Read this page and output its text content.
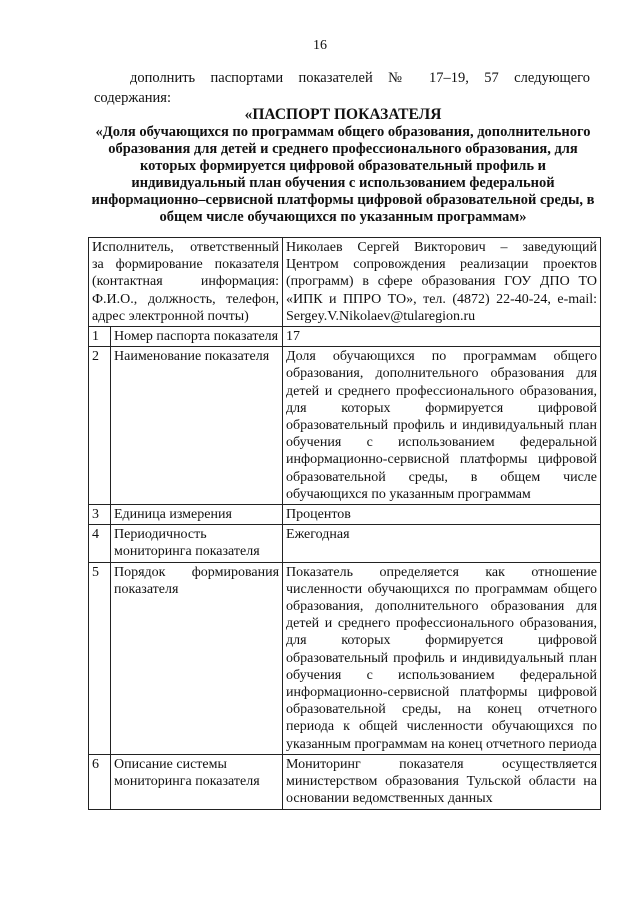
16
дополнить паспортами показателей № 17–19, 57 следующего
содержания:
«ПАСПОРТ ПОКАЗАТЕЛЯ
«Доля обучающихся по программам общего образования, дополнительного образования для детей и среднего профессионального образования, для которых формируется цифровой образовательный профиль и индивидуальный план обучения с использованием федеральной информационно–сервисной платформы цифровой образовательной среды, в общем числе обучающихся по указанным программам»
Исполнитель, ответственный за формирование показателя (контактная информация: Ф.И.О., должность, телефон, адрес электронной почты)		Николаев Сергей Викторович – заведующий Центром сопровождения реализации проектов (программ) в сфере образования ГОУ ДПО ТО «ИПК и ППРО ТО», тел. (4872) 22-40-24, e-mail: Sergey.V.Nikolaev@tularegion.ru
1	Номер паспорта показателя	17
2	Наименование показателя	Доля обучающихся по программам общего образования, дополнительного образования для детей и среднего профессионального образования, для которых формируется цифровой образовательный профиль и индивидуальный план обучения с использованием федеральной информационно-сервисной платформы цифровой образовательной среды, в общем числе обучающихся по указанным программам
3	Единица измерения	Процентов
4	Периодичность мониторинга показателя	Ежегодная
5	Порядок формирования показателя	Показатель определяется как отношение численности обучающихся по программам общего образования, дополнительного образования для детей и среднего профессионального образования, для которых формируется цифровой образовательный профиль и индивидуальный план обучения с использованием федеральной информационно-сервисной платформы цифровой образовательной среды, на конец отчетного периода к общей численности обучающихся по указанным программам на конец отчетного периода
6	Описание системы мониторинга показателя	Мониторинг показателя осуществляется министерством образования Тульской области на основании ведомственных данных
